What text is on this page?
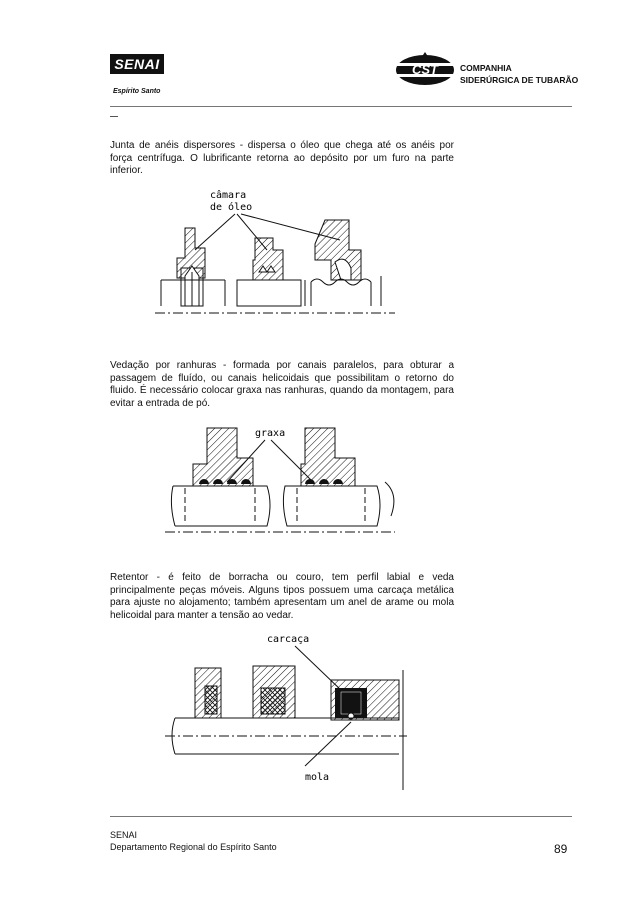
SENAI
Espírito Santo
CST	COMPANHIA
SIDERÚRGICA DE TUBARÃO
Junta de anéis dispersores - dispersa o óleo que chega até os anéis por força centrífuga. O lubrificante retorna ao depósito por um furo na parte inferior.
câmara
de óleo
Vedação por ranhuras - formada por canais paralelos, para obturar a passagem de fluído, ou canais helicoidais que possibilitam o retorno do fluido. É necessário colocar graxa nas ranhuras, quando da montagem, para evitar a entrada de pó.
graxa
Retentor - é feito de borracha ou couro, tem perfil labial e veda principalmente peças móveis. Alguns tipos possuem uma carcaça metálica para ajuste no alojamento; também apresentam um anel de arame ou mola helicoidal para manter a tensão ao vedar.
carcaça
mola
SENAI
Departamento Regional do Espírito Santo	89
